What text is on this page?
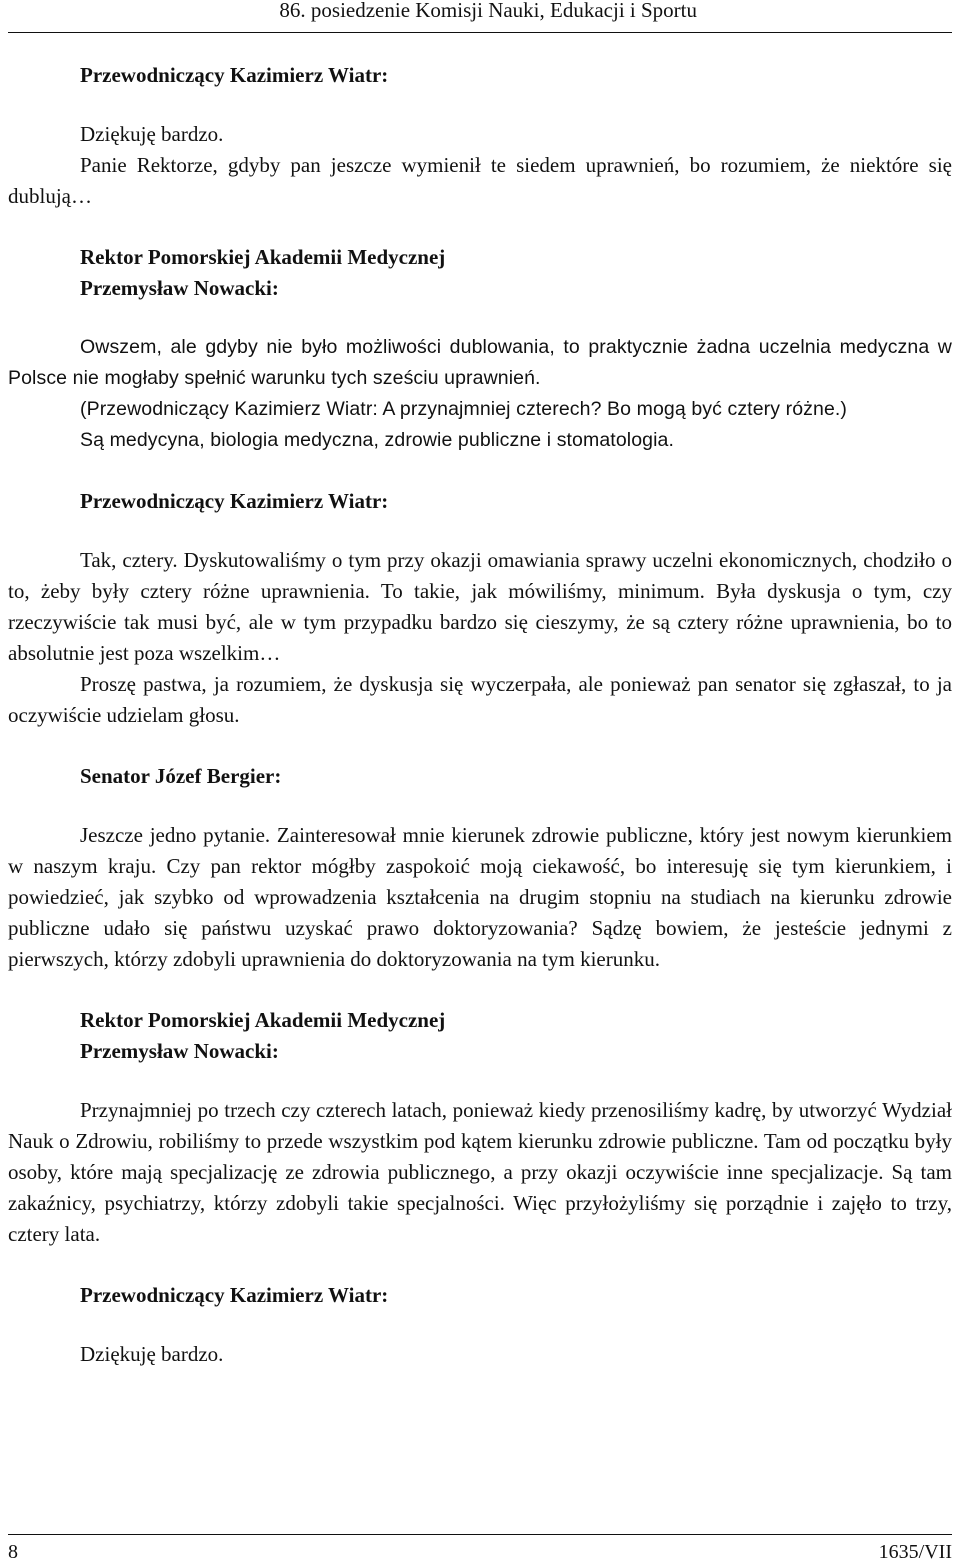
86. posiedzenie Komisji Nauki, Edukacji i Sportu
Przewodniczący Kazimierz Wiatr:

Dziękuję bardzo.

Panie Rektorze, gdyby pan jeszcze wymienił te siedem uprawnień, bo rozumiem, że niektóre się dublują…

Rektor Pomorskiej Akademii Medycznej
Przemysław Nowacki:

Owszem, ale gdyby nie było możliwości dublowania, to praktycznie żadna uczelnia medyczna w Polsce nie mogłaby spełnić warunku tych sześciu uprawnień.

(Przewodniczący Kazimierz Wiatr: A przynajmniej czterech? Bo mogą być cztery różne.)

Są medycyna, biologia medyczna, zdrowie publiczne i stomatologia.

Przewodniczący Kazimierz Wiatr:

Tak, cztery. Dyskutowaliśmy o tym przy okazji omawiania sprawy uczelni ekonomicznych, chodziło o to, żeby były cztery różne uprawnienia. To takie, jak mówiliśmy, minimum. Była dyskusja o tym, czy rzeczywiście tak musi być, ale w tym przypadku bardzo się cieszymy, że są cztery różne uprawnienia, bo to absolutnie jest poza wszelkim…

Proszę pastwa, ja rozumiem, że dyskusja się wyczerpała, ale ponieważ pan senator się zgłaszał, to ja oczywiście udzielam głosu.

Senator Józef Bergier:

Jeszcze jedno pytanie. Zainteresował mnie kierunek zdrowie publiczne, który jest nowym kierunkiem w naszym kraju. Czy pan rektor mógłby zaspokoić moją ciekawość, bo interesuję się tym kierunkiem, i powiedzieć, jak szybko od wprowadzenia kształcenia na drugim stopniu na studiach na kierunku zdrowie publiczne udało się państwu uzyskać prawo doktoryzowania? Sądzę bowiem, że jesteście jednymi z pierwszych, którzy zdobyli uprawnienia do doktoryzowania na tym kierunku.

Rektor Pomorskiej Akademii Medycznej
Przemysław Nowacki:

Przynajmniej po trzech czy czterech latach, ponieważ kiedy przenosiliśmy kadrę, by utworzyć Wydział Nauk o Zdrowiu, robiliśmy to przede wszystkim pod kątem kierunku zdrowie publiczne. Tam od początku były osoby, które mają specjalizację ze zdrowia publicznego, a przy okazji oczywiście inne specjalizacje. Są tam zakaźnicy, psychiatrzy, którzy zdobyli takie specjalności. Więc przyłożyliśmy się porządnie i zajęło to trzy, cztery lata.

Przewodniczący Kazimierz Wiatr:

Dziękuję bardzo.

8	1635/VII
